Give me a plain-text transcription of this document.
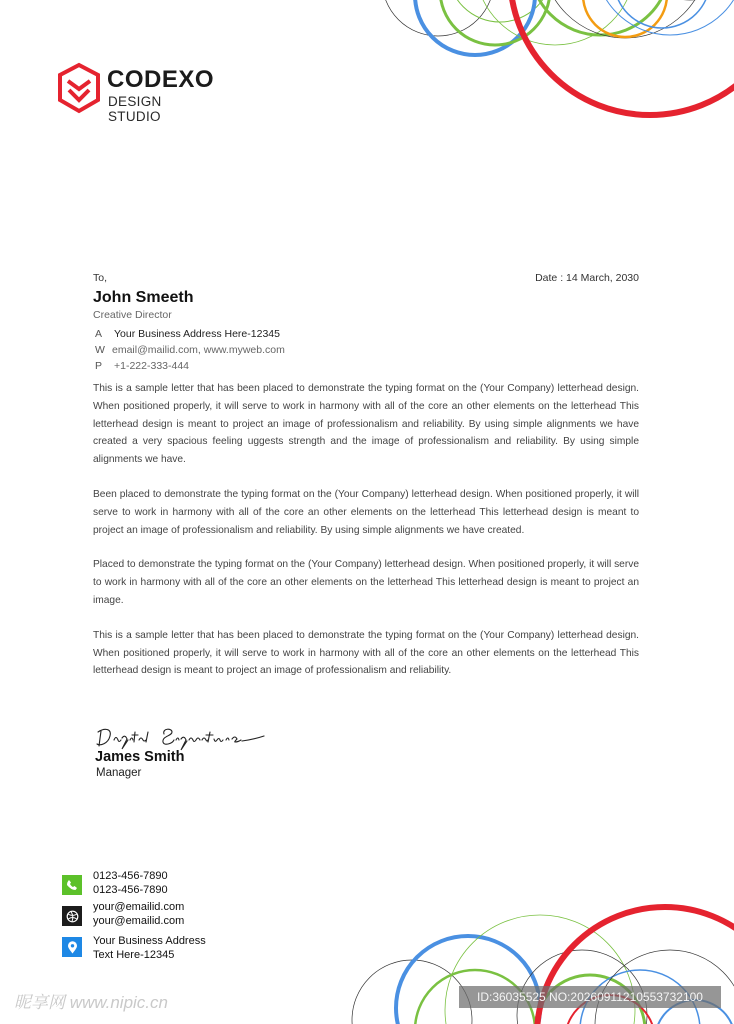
CODEXO
DESIGN STUDIO
To,	Date : 14 March, 2030
John Smeeth
Creative Director
A Your Business Address Here-12345
W email@mailid.com, www.myweb.com
P +1-222-333-444

This is a sample letter that has been placed to demonstrate the typing format on the (Your Company) letterhead design. When positioned properly, it will serve to work in harmony with all of the core an other elements on the letterhead This letterhead design is meant to project an image of professionalism and reliability. By using simple alignments we have created a very spacious feeling uggests strength and the image of professionalism and reliability. By using simple alignments we have.

Been placed to demonstrate the typing format on the (Your Company) letterhead design. When positioned properly, it will serve to work in harmony with all of the core an other elements on the letterhead This letterhead design is meant to project an image of professionalism and reliability. By using simple alignments we have created.

Placed to demonstrate the typing format on the (Your Company) letterhead design. When positioned properly, it will serve to work in harmony with all of the core an other elements on the letterhead This letterhead design is meant to project an image.

This is a sample letter that has been placed to demonstrate the typing format on the (Your Company) letterhead design. When positioned properly, it will serve to work in harmony with all of the core an other elements on the letterhead This letterhead design is meant to project an image of professionalism and reliability.

James Smith
Manager
0123-456-7890
0123-456-7890
your@emailid.com
your@emailid.com
Your Business Address
Text Here-12345
昵享网 www.nipic.cn	ID:36035525 NO:20260911210553732100
